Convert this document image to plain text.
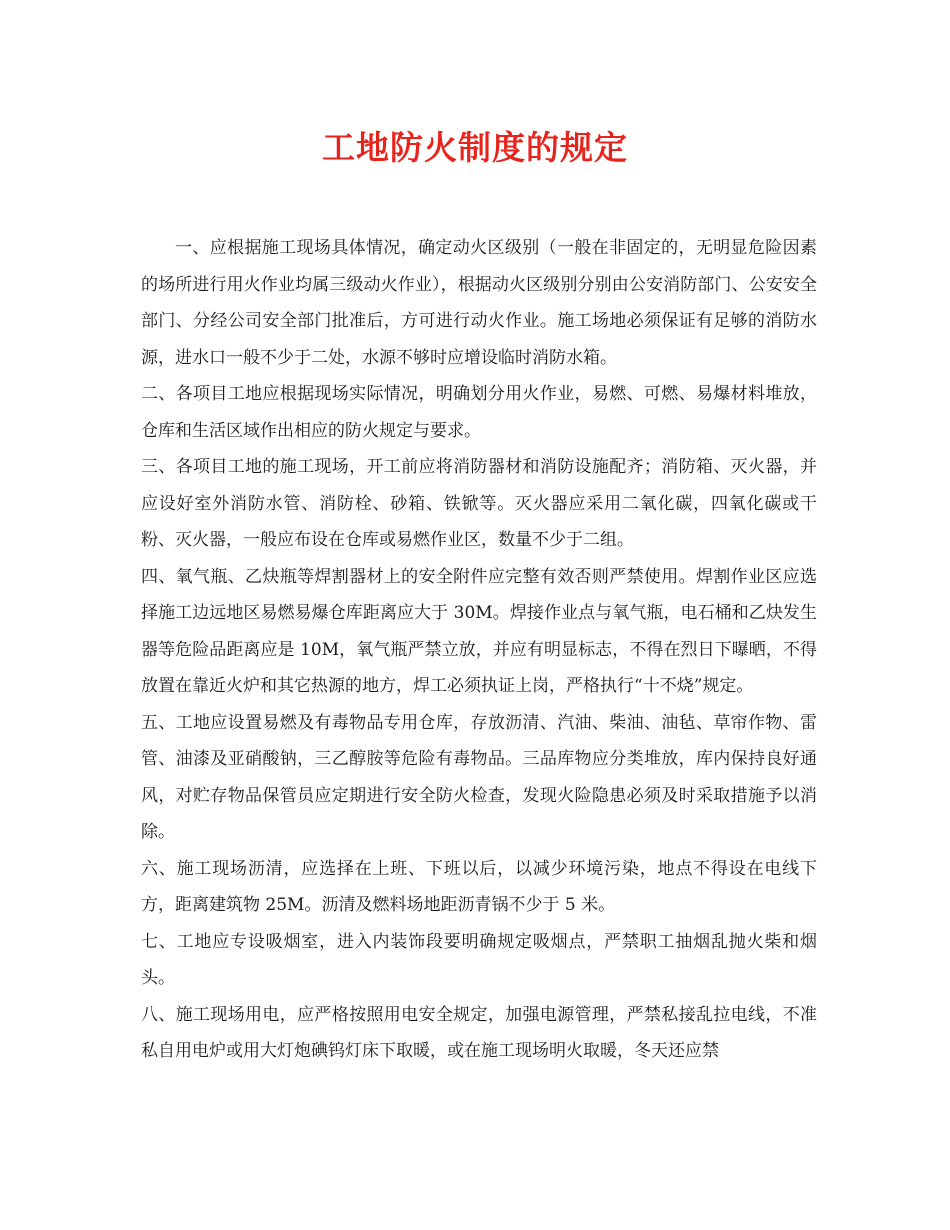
工地防火制度的规定

一、应根据施工现场具体情况，确定动火区级别（一般在非固定的，无明显危险因素的场所进行用火作业均属三级动火作业），根据动火区级别分别由公安消防部门、公安安全部门、分经公司安全部门批准后，方可进行动火作业。施工场地必须保证有足够的消防水源，进水口一般不少于二处，水源不够时应增设临时消防水箱。

二、各项目工地应根据现场实际情况，明确划分用火作业，易燃、可燃、易爆材料堆放，仓库和生活区域作出相应的防火规定与要求。

三、各项目工地的施工现场，开工前应将消防器材和消防设施配齐；消防箱、灭火器，并应设好室外消防水管、消防栓、砂箱、铁锨等。灭火器应采用二氧化碳，四氧化碳或干粉、灭火器，一般应布设在仓库或易燃作业区，数量不少于二组。

四、氧气瓶、乙炔瓶等焊割器材上的安全附件应完整有效否则严禁使用。焊割作业区应选择施工边远地区易燃易爆仓库距离应大于 30M。焊接作业点与氧气瓶，电石桶和乙炔发生器等危险品距离应是 10M，氧气瓶严禁立放，并应有明显标志，不得在烈日下曝晒，不得放置在靠近火炉和其它热源的地方，焊工必须执证上岗，严格执行“十不烧”规定。

五、工地应设置易燃及有毒物品专用仓库，存放沥清、汽油、柴油、油毡、草帘作物、雷管、油漆及亚硝酸钠，三乙醇胺等危险有毒物品。三品库物应分类堆放，库内保持良好通风，对贮存物品保管员应定期进行安全防火检查，发现火险隐患必须及时采取措施予以消除。

六、施工现场沥清，应选择在上班、下班以后，以减少环境污染，地点不得设在电线下方，距离建筑物 25M。沥清及燃料场地距沥青锅不少于 5 米。

七、工地应专设吸烟室，进入内装饰段要明确规定吸烟点，严禁职工抽烟乱抛火柴和烟头。

八、施工现场用电，应严格按照用电安全规定，加强电源管理，严禁私接乱拉电线，不准私自用电炉或用大灯炮碘钨灯床下取暖，或在施工现场明火取暖，冬天还应禁
